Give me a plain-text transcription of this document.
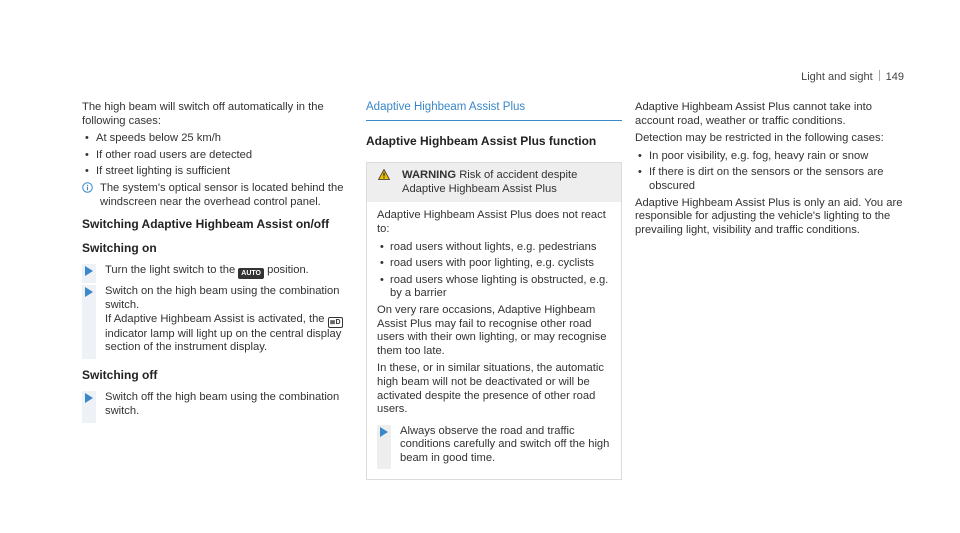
Light and sight 149

The high beam will switch off automatically in the following cases:

• At speeds below 25 km/h
• If other road users are detected
• If street lighting is sufficient
The system's optical sensor is located behind the windscreen near the overhead control panel.
Switching Adaptive Highbeam Assist on/off
Switching on
Turn the light switch to the AUTO position.
Switch on the high beam using the combination switch.
If Adaptive Highbeam Assist is activated, the ≣D indicator lamp will light up on the central display section of the instrument display.
Switching off
Switch off the high beam using the combination switch.
Adaptive Highbeam Assist Plus
Adaptive Highbeam Assist Plus function
WARNING Risk of accident despite Adaptive Highbeam Assist Plus

Adaptive Highbeam Assist Plus does not react to:

• road users without lights, e.g. pedestrians
• road users with poor lighting, e.g. cyclists
• road users whose lighting is obstructed, e.g. by a barrier

On very rare occasions, Adaptive Highbeam Assist Plus may fail to recognise other road users with their own lighting, or may recognise them too late.

In these, or in similar situations, the automatic high beam will not be deactivated or will be activated despite the presence of other road users.

Always observe the road and traffic conditions carefully and switch off the high beam in good time.

Adaptive Highbeam Assist Plus cannot take into account road, weather or traffic conditions.

Detection may be restricted in the following cases:

• In poor visibility, e.g. fog, heavy rain or snow
• If there is dirt on the sensors or the sensors are obscured

Adaptive Highbeam Assist Plus is only an aid. You are responsible for adjusting the vehicle's lighting to the prevailing light, visibility and traffic conditions.
